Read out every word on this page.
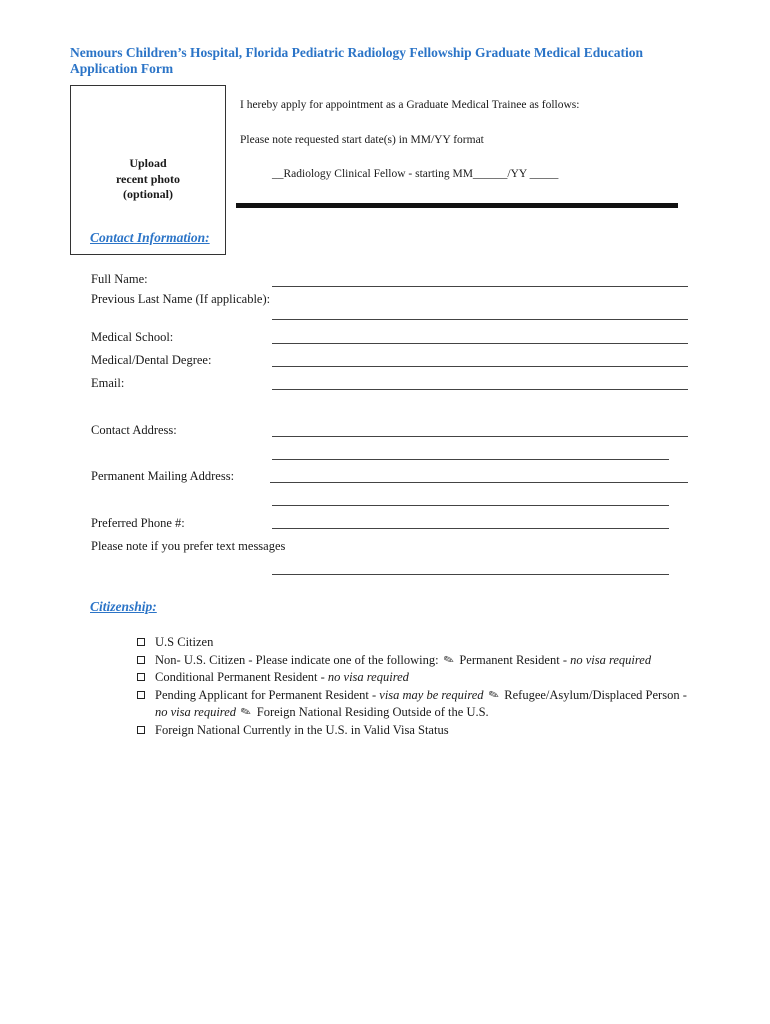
Nemours Children’s Hospital, Florida Pediatric Radiology Fellowship Graduate Medical Education Application Form
Upload
recent photo
(optional)
I hereby apply for appointment as a Graduate Medical Trainee as follows:
Please note requested start date(s) in MM/YY format
__Radiology Clinical Fellow - starting MM______/YY _____
Contact Information:
Full Name:
Previous Last Name (If applicable):
Medical School:
Medical/Dental Degree:
Email:
Contact Address:
Permanent Mailing Address:
Preferred Phone #:
Please note if you prefer text messages
Citizenship:
U.S Citizen
Non- U.S. Citizen - Please indicate one of the following: ✎ Permanent Resident - no visa required
Conditional Permanent Resident - no visa required
Pending Applicant for Permanent Resident - visa may be required ✎ Refugee/Asylum/Displaced Person - no visa required ✎ Foreign National Residing Outside of the U.S.
Foreign National Currently in the U.S. in Valid Visa Status
